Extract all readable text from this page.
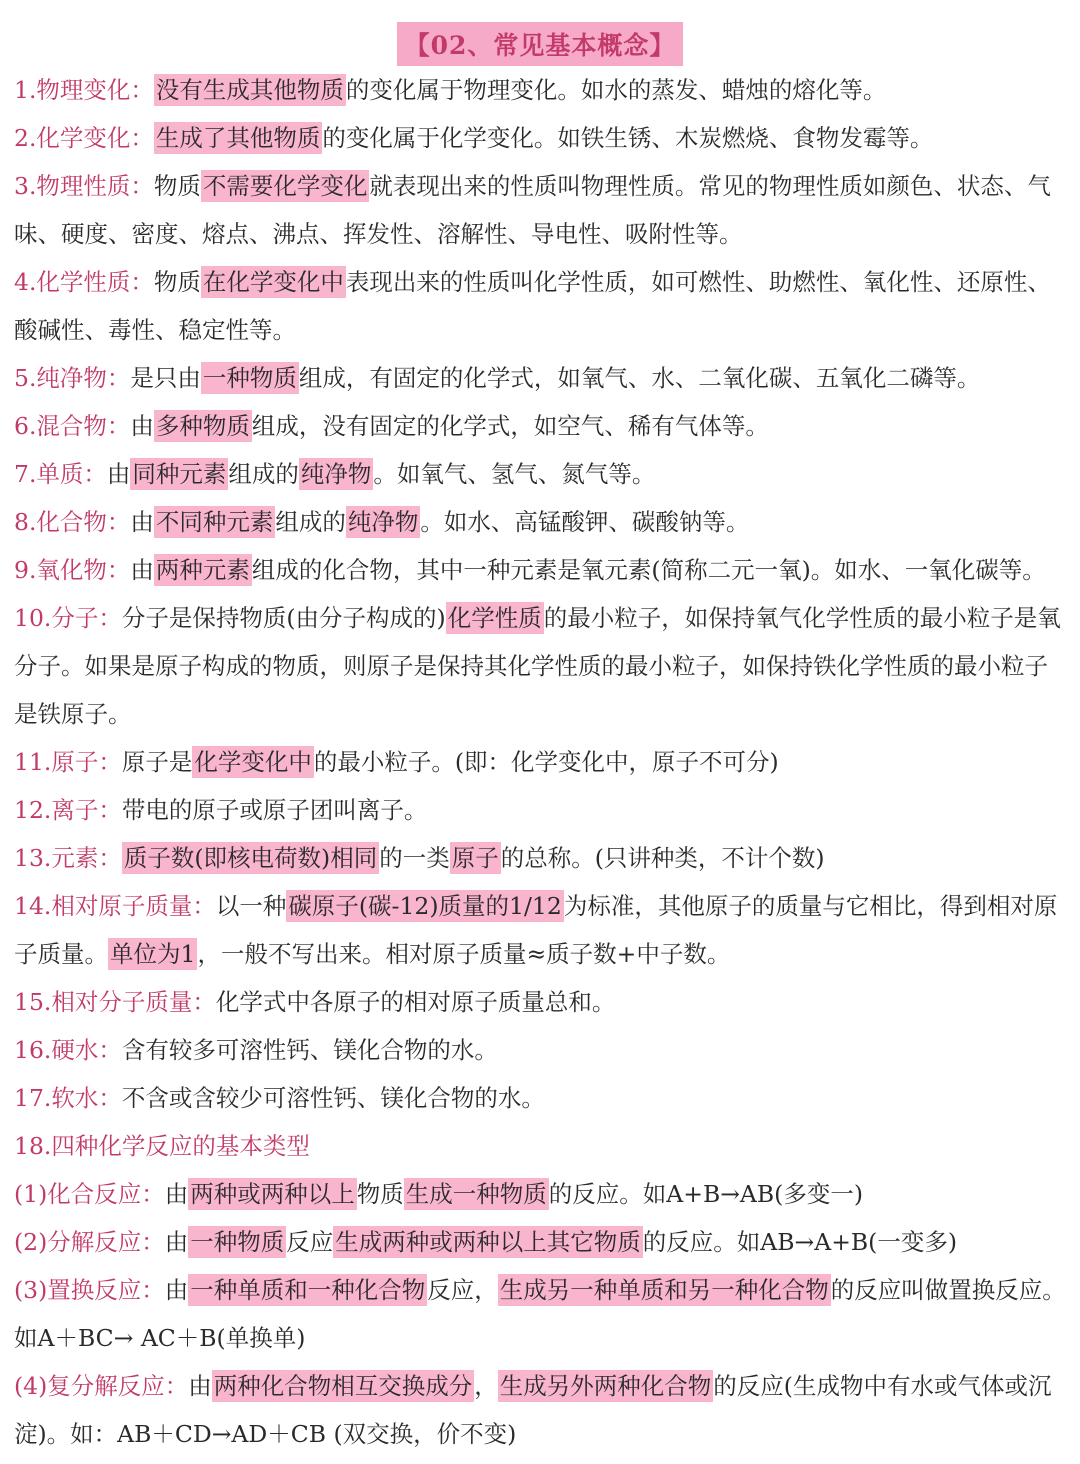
【02、常见基本概念】
1.物理变化：没有生成其他物质的变化属于物理变化。如水的蒸发、蜡烛的熔化等。
2.化学变化：生成了其他物质的变化属于化学变化。如铁生锈、木炭燃烧、食物发霉等。
3.物理性质：物质不需要化学变化就表现出来的性质叫物理性质。常见的物理性质如颜色、状态、气味、硬度、密度、熔点、沸点、挥发性、溶解性、导电性、吸附性等。
4.化学性质：物质在化学变化中表现出来的性质叫化学性质，如可燃性、助燃性、氧化性、还原性、酸碱性、毒性、稳定性等。
5.纯净物：是只由一种物质组成，有固定的化学式，如氧气、水、二氧化碳、五氧化二磷等。
6.混合物：由多种物质组成，没有固定的化学式，如空气、稀有气体等。
7.单质：由同种元素组成的纯净物。如氧气、氢气、氮气等。
8.化合物：由不同种元素组成的纯净物。如水、高锰酸钾、碳酸钠等。
9.氧化物：由两种元素组成的化合物，其中一种元素是氧元素(简称二元一氧)。如水、一氧化碳等。
10.分子：分子是保持物质(由分子构成的)化学性质的最小粒子，如保持氧气化学性质的最小粒子是氧分子。如果是原子构成的物质，则原子是保持其化学性质的最小粒子，如保持铁化学性质的最小粒子是铁原子。
11.原子：原子是化学变化中的最小粒子。(即：化学变化中，原子不可分)
12.离子：带电的原子或原子团叫离子。
13.元素：质子数(即核电荷数)相同的一类原子的总称。(只讲种类，不计个数)
14.相对原子质量：以一种碳原子(碳-12)质量的1/12为标准，其他原子的质量与它相比，得到相对原子质量。单位为1，一般不写出来。相对原子质量≈质子数+中子数。
15.相对分子质量：化学式中各原子的相对原子质量总和。
16.硬水：含有较多可溶性钙、镁化合物的水。
17.软水：不含或含较少可溶性钙、镁化合物的水。
18.四种化学反应的基本类型
(1)化合反应：由两种或两种以上物质生成一种物质的反应。如A+B→AB(多变一)
(2)分解反应：由一种物质反应生成两种或两种以上其它物质的反应。如AB→A+B(一变多)
(3)置换反应：由一种单质和一种化合物反应，生成另一种单质和另一种化合物的反应叫做置换反应。如A＋BC→ AC＋B(单换单)
(4)复分解反应：由两种化合物相互交换成分，生成另外两种化合物的反应(生成物中有水或气体或沉淀)。如：AB＋CD→AD＋CB (双交换，价不变)
